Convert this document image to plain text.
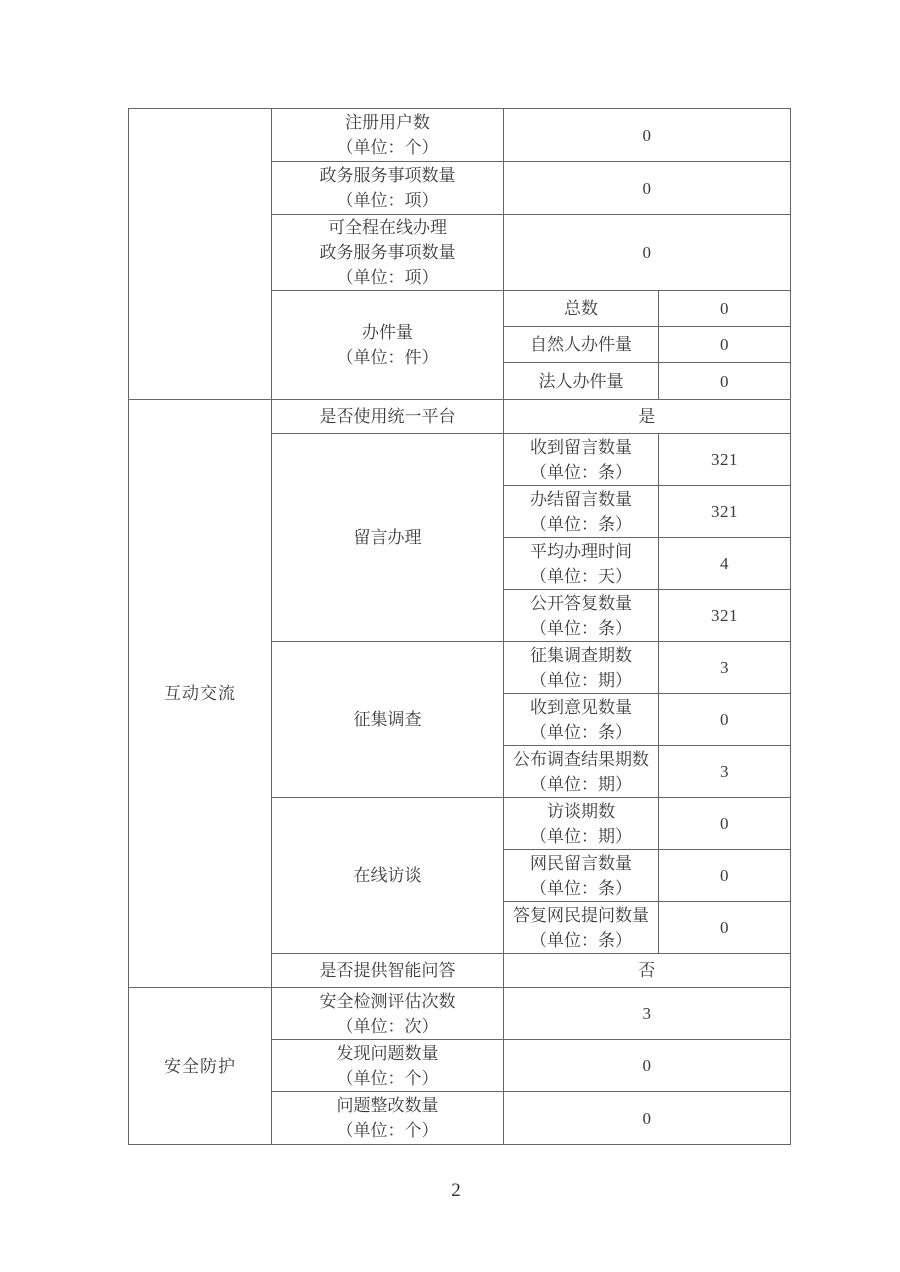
	注册用户数
（单位：个）	0	

	政务服务事项数量
（单位：项）	0	

	可全程在线办理
政务服务事项数量
（单位：项）	0	

	办件量
（单位：件）	总数	0
		自然人办件量	0
		法人办件量	0
互动交流	是否使用统一平台	是	
	留言办理	收到留言数量
（单位：条）	321

		办结留言数量
（单位：条）	321

		平均办理时间
（单位：天）	4

		公开答复数量
（单位：条）	321
	征集调查	征集调查期数
（单位：期）	3

		收到意见数量
（单位：条）	0

		公布调查结果期数
（单位：期）	3
	在线访谈	访谈期数
（单位：期）	0

		网民留言数量
（单位：条）	0

		答复网民提问数量
（单位：条）	0
	是否提供智能问答	否	
安全防护	安全检测评估次数
（单位：次）	3	

	发现问题数量
（单位：个）	0	

	问题整改数量
（单位：个）	0	
2
